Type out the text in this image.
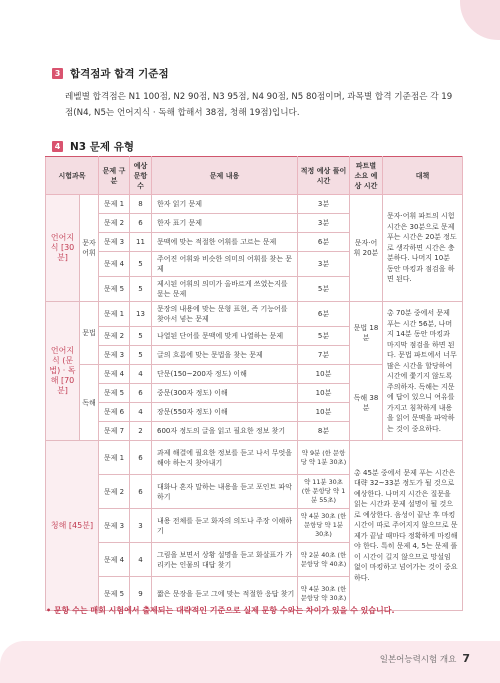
3 합격점과 합격 기준점
레벨별 합격점은 N1 100점, N2 90점, N3 95점, N4 90점, N5 80점이며, 과목별 합격 기준점은 각 19점(N4, N5는 언어지식 · 독해 합해서 38점, 청해 19점)입니다.
4 N3 문제 유형
시험과목		문제 구분	예상 문항 수	문제 내용	적정 예상 풀이 시간	파트별 소요 예상 시간	대책
언어지식 [30분]	문자 어휘	문제 1	8	한자 읽기 문제	3분	문자·어휘 20분	문자·어휘 파트의 시험 시간은 30분으로 문제 푸는 시간은 20분 정도로 생각하면 시간은 충분하다. 나머지 10분 동안 마킹과 점검을 하면 된다.
		문제 2	6	한자 표기 문제	3분		
		문제 3	11	문맥에 맞는 적절한 어휘를 고르는 문제	6분		
		문제 4	5	주어진 어휘와 비슷한 의미의 어휘를 찾는 문제	3분		
		문제 5	5	제시된 어휘의 의미가 올바르게 쓰였는지를 묻는 문제	5분		
언어지식 (문법) · 독해 [70분]	문법	문제 1	13	문장의 내용에 맞는 문형 표현, 즉 기능어를 찾아서 넣는 문제	6분	문법 18분	총 70분 중에서 문제 푸는 시간 56분, 나머지 14분 동안 마킹과 마지막 점검을 하면 된다. 문법 파트에서 너무 많은 시간을 할당하여 시간에 쫓기지 않도록 주의하자. 독해는 지문에 답이 있으니 여유를 가지고 침착하게 내용을 읽어 문맥을 파악하는 것이 중요하다.
		문제 2	5	나열된 단어를 문맥에 맞게 나열하는 문제	5분		
		문제 3	5	글의 흐름에 맞는 문법을 찾는 문제	7분		
	독해	문제 4	4	단문(150~200자 정도) 이해	10분	독해 38분	
		문제 5	6	중문(300자 정도) 이해	10분		
		문제 6	4	장문(550자 정도) 이해	10분		
		문제 7	2	600자 정도의 글을 읽고 필요한 정보 찾기	8분		
청해 [45분]		문제 1	6	과제 해결에 필요한 정보를 듣고 나서 무엇을 해야 하는지 찾아내기	약 9분 (한 문항당 약 1분 30초)	총 45분 중에서 문제 푸는 시간은 대략 32~33분 정도가 될 것으로 예상한다. 나머지 시간은 질문을 읽는 시간과 문제 설명이 될 것으로 예상한다. 음성이 끝난 후 마킹 시간이 따로 주어지지 않으므로 문제가 끝날 때마다 정확하게 마킹해야 한다. 특히 문제 4, 5는 문제 풀이 시간이 길지 않으므로 망설임 없이 마킹하고 넘어가는 것이 중요하다.	
		문제 2	6	대화나 혼자 말하는 내용을 듣고 포인트 파악하기	약 11분 30초 (한 문항당 약 1분 55초)		
		문제 3	3	내용 전체를 듣고 화자의 의도나 주장 이해하기	약 4분 30초 (한 문항당 약 1분 30초)		
		문제 4	4	그림을 보면서 상황 설명을 듣고 화살표가 가리키는 인물의 대답 찾기	약 2분 40초 (한 문항당 약 40초)		
		문제 5	9	짧은 문장을 듣고 그에 맞는 적절한 응답 찾기	약 4분 30초 (한 문항당 약 30초)		
• 문항 수는 매회 시험에서 출제되는 대략적인 기준으로 실제 문항 수와는 차이가 있을 수 있습니다.
일본어능력시험 개요 7
